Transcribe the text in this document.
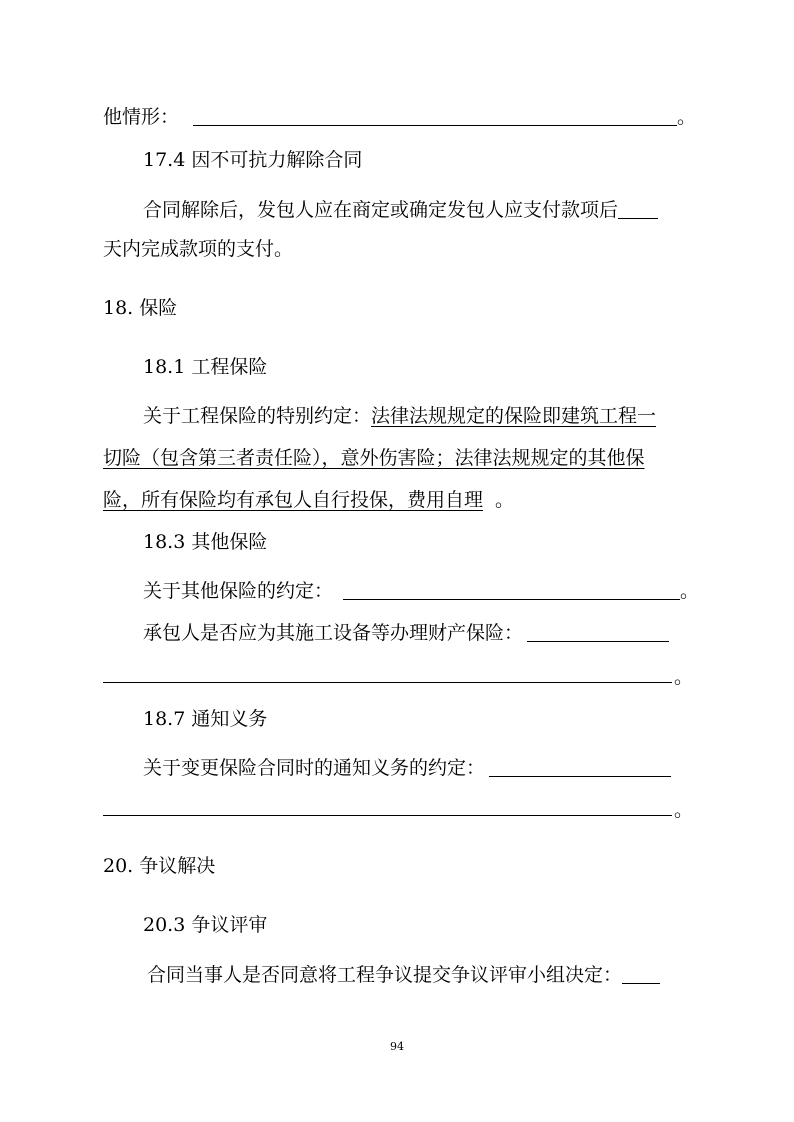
他情形：	。
17.4 因不可抗力解除合同
合同解除后，发包人应在商定或确定发包人应支付款项后
天内完成款项的支付。
18. 保险
18.1 工程保险
关于工程保险的特别约定：法律法规规定的保险即建筑工程一
切险（包含第三者责任险），意外伤害险；法律法规规定的其他保
险，所有保险均有承包人自行投保，费用自理 。
18.3 其他保险
关于其他保险的约定：	。
承包人是否应为其施工设备等办理财产保险：
。
18.7 通知义务
关于变更保险合同时的通知义务的约定：
。
20. 争议解决
20.3 争议评审
合同当事人是否同意将工程争议提交争议评审小组决定：
94
